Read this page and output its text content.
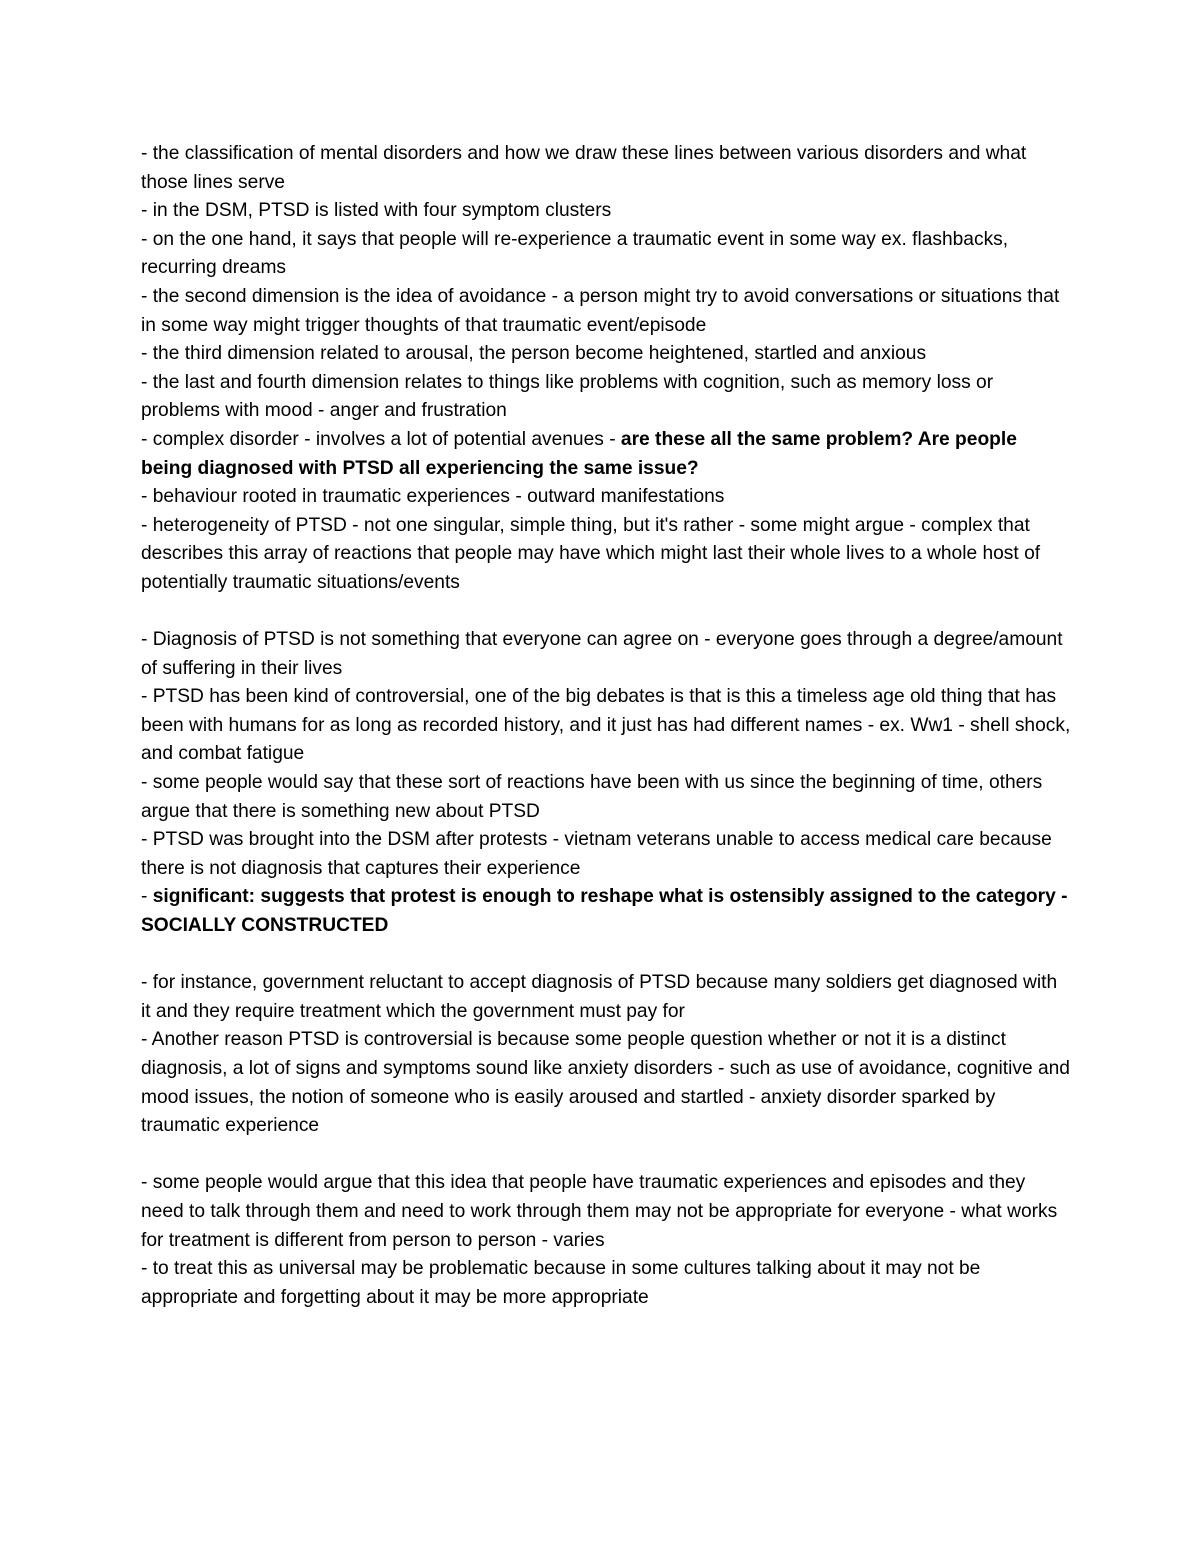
- the classification of mental disorders and how we draw these lines between various disorders and what those lines serve

- in the DSM, PTSD is listed with four symptom clusters

- on the one hand, it says that people will re-experience a traumatic event in some way ex. flashbacks, recurring dreams

- the second dimension is the idea of avoidance - a person might try to avoid conversations or situations that in some way might trigger thoughts of that traumatic event/episode

- the third dimension related to arousal, the person become heightened, startled and anxious

- the last and fourth dimension relates to things like problems with cognition, such as memory loss or problems with mood - anger and frustration

- complex disorder - involves a lot of potential avenues - are these all the same problem? Are people being diagnosed with PTSD all experiencing the same issue?

- behaviour rooted in traumatic experiences - outward manifestations

- heterogeneity of PTSD - not one singular, simple thing, but it's rather - some might argue - complex that describes this array of reactions that people may have which might last their whole lives to a whole host of potentially traumatic situations/events

- Diagnosis of PTSD is not something that everyone can agree on - everyone goes through a degree/amount of suffering in their lives

- PTSD has been kind of controversial, one of the big debates is that is this a timeless age old thing that has been with humans for as long as recorded history, and it just has had different names - ex. Ww1 - shell shock, and combat fatigue

- some people would say that these sort of reactions have been with us since the beginning of time, others argue that there is something new about PTSD

- PTSD was brought into the DSM after protests - vietnam veterans unable to access medical care because there is not diagnosis that captures their experience

- significant: suggests that protest is enough to reshape what is ostensibly assigned to the category - SOCIALLY CONSTRUCTED

- for instance, government reluctant to accept diagnosis of PTSD because many soldiers get diagnosed with it and they require treatment which the government must pay for

- Another reason PTSD is controversial is because some people question whether or not it is a distinct diagnosis, a lot of signs and symptoms sound like anxiety disorders - such as use of avoidance, cognitive and mood issues, the notion of someone who is easily aroused and startled - anxiety disorder sparked by traumatic experience

- some people would argue that this idea that people have traumatic experiences and episodes and they need to talk through them and need to work through them may not be appropriate for everyone - what works for treatment is different from person to person - varies

- to treat this as universal may be problematic because in some cultures talking about it may not be appropriate and forgetting about it may be more appropriate
